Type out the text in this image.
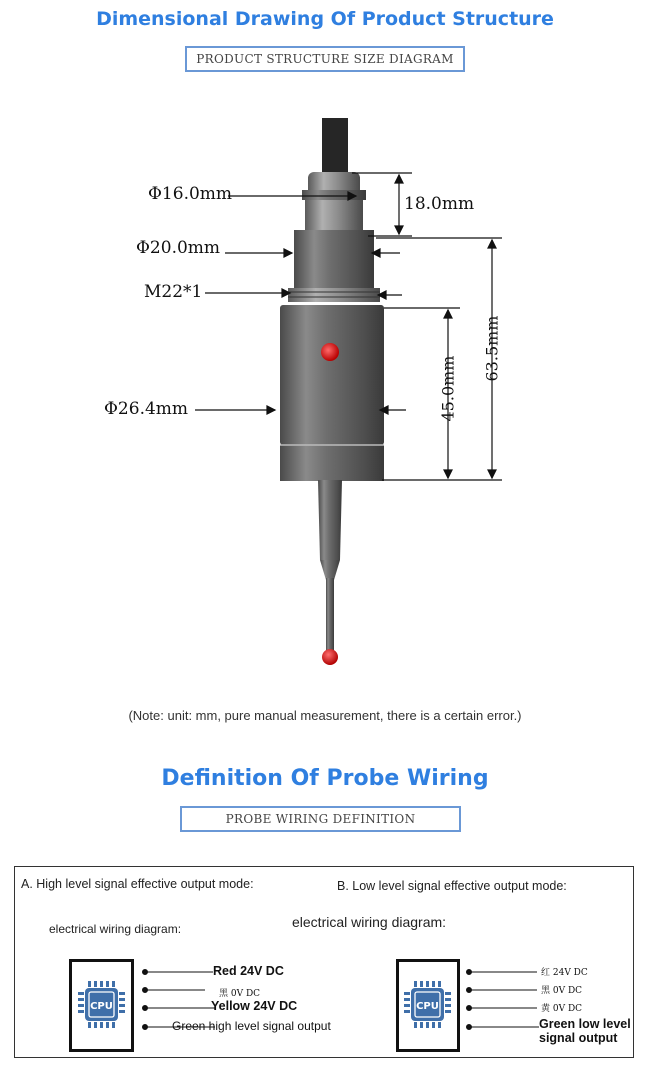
Dimensional Drawing Of Product Structure
PRODUCT STRUCTURE SIZE DIAGRAM
Φ16.0mm	18.0mm
Φ20.0mm
M22*1
Φ26.4mm	45.0mm
63.5mm
(Note: unit: mm, pure manual measurement, there is a certain error.)
Definition Of Probe Wiring
PROBE WIRING DEFINITION
A. High level signal effective output mode:	B. Low level signal effective output mode:
electrical wiring diagram:	electrical wiring diagram:
CPU
Red 24V DC
黑 0V DC
Yellow 24V DC
Green high level signal output
CPU
红 24V DC
黑 0V DC
黄 0V DC
Green low level signal output
